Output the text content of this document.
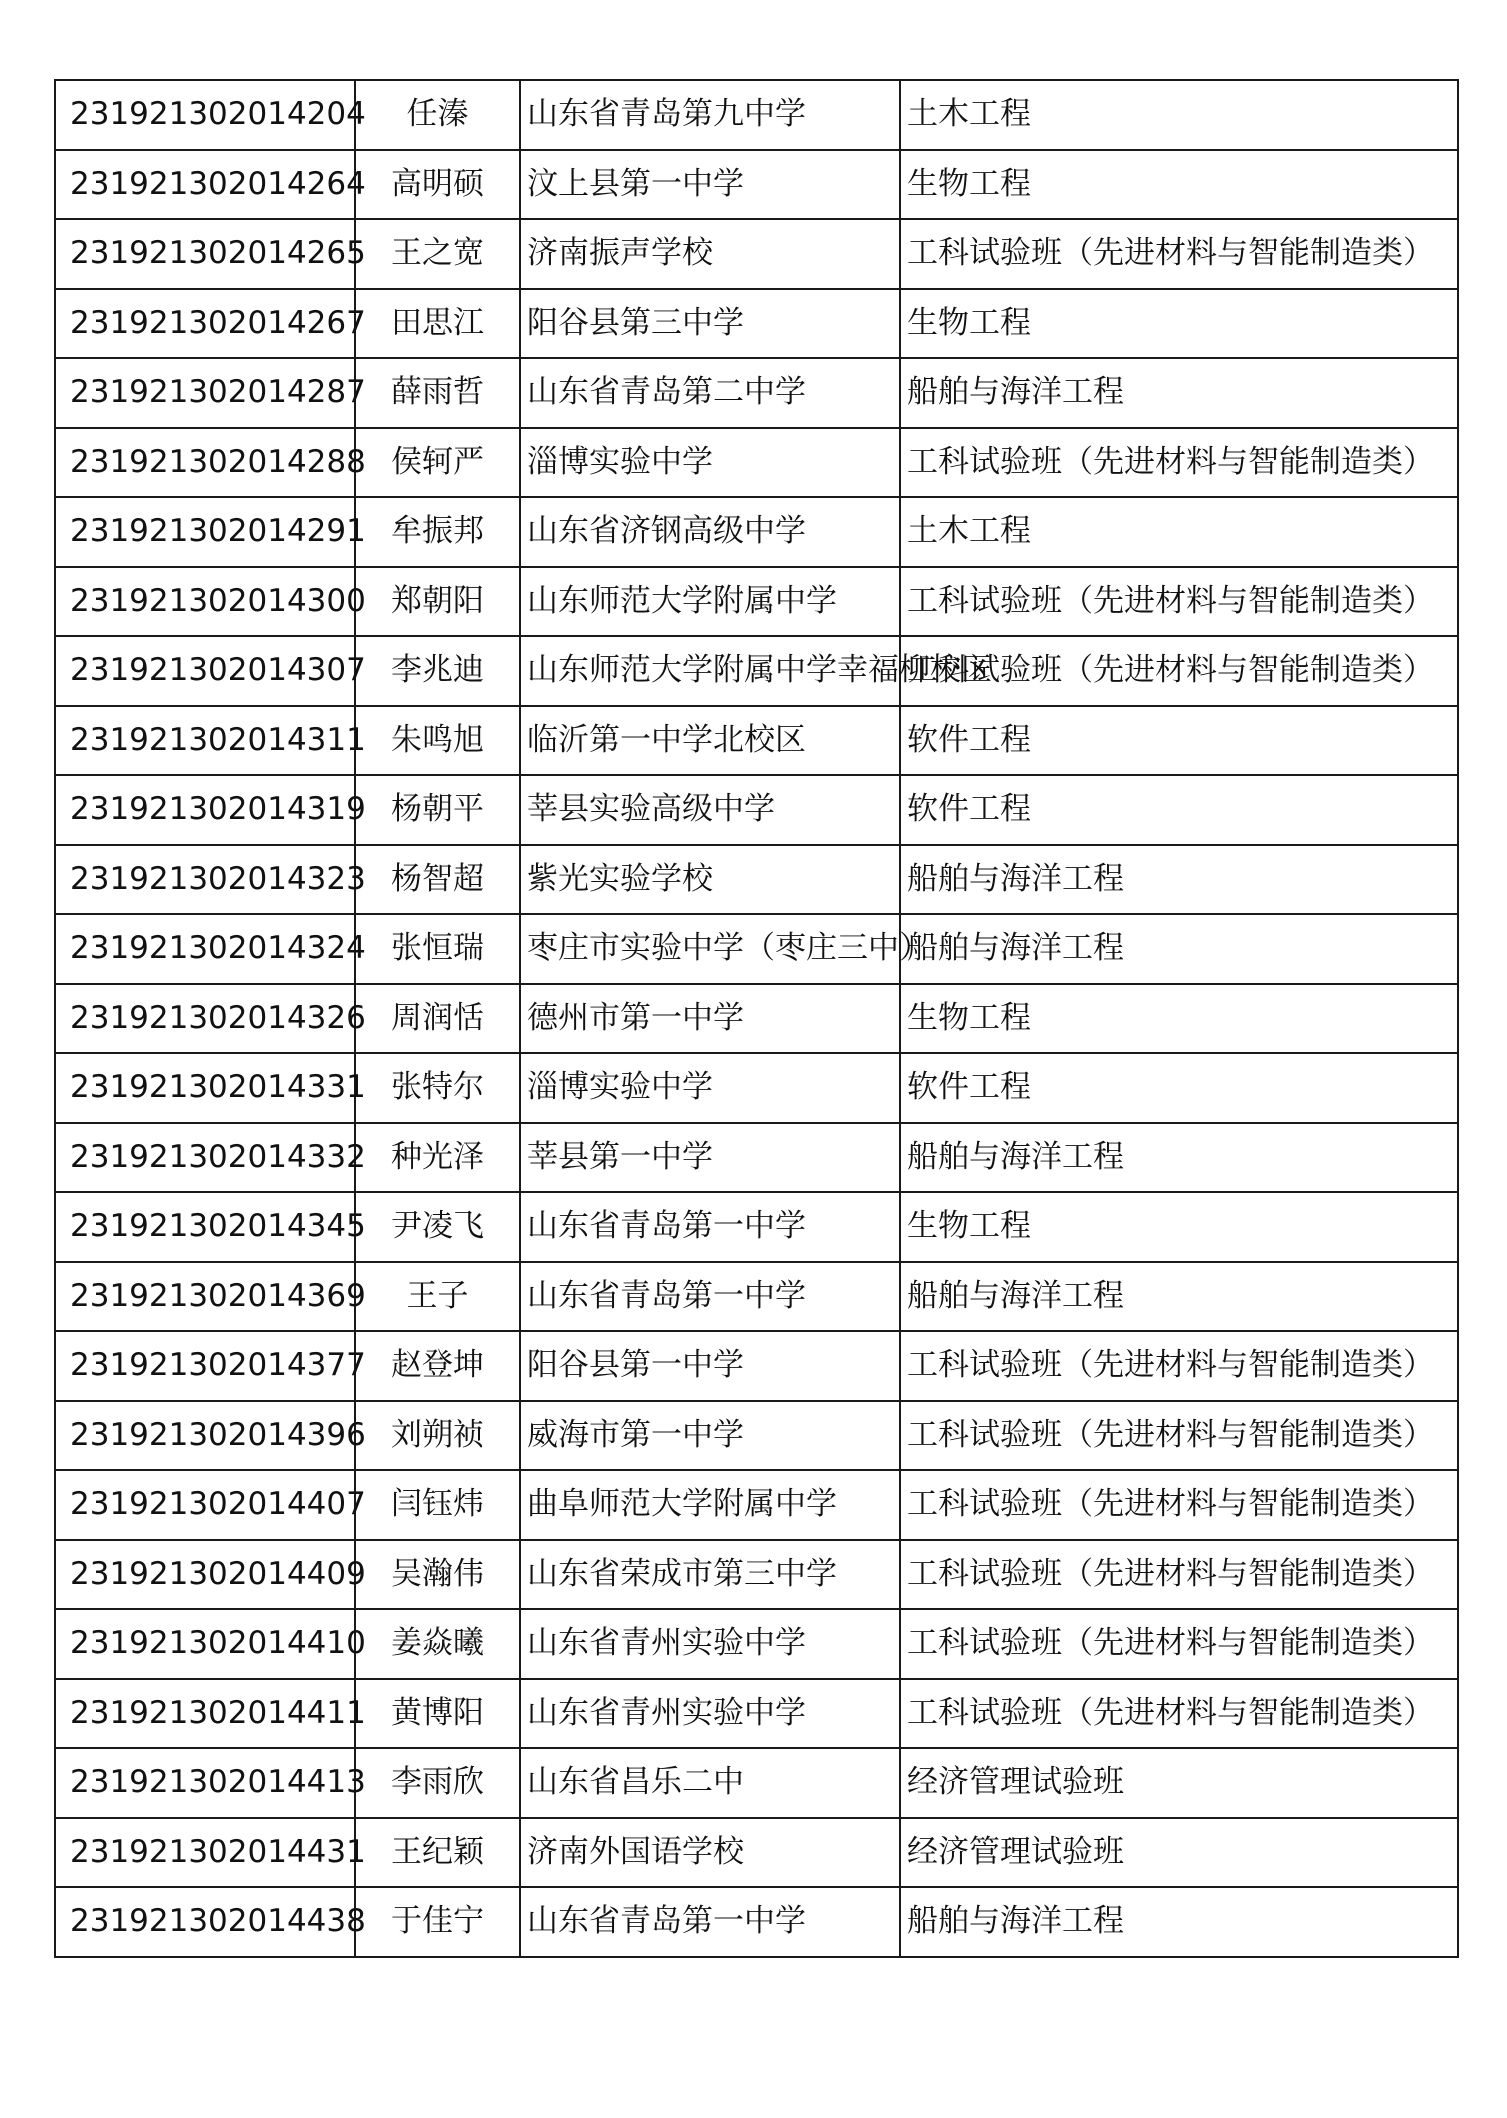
231921302014204	任溱	山东省青岛第九中学	土木工程
231921302014264	高明硕	汶上县第一中学	生物工程
231921302014265	王之宽	济南振声学校	工科试验班（先进材料与智能制造类）
231921302014267	田思江	阳谷县第三中学	生物工程
231921302014287	薛雨哲	山东省青岛第二中学	船舶与海洋工程
231921302014288	侯轲严	淄博实验中学	工科试验班（先进材料与智能制造类）
231921302014291	牟振邦	山东省济钢高级中学	土木工程
231921302014300	郑朝阳	山东师范大学附属中学	工科试验班（先进材料与智能制造类）
231921302014307	李兆迪	山东师范大学附属中学幸福柳校区	工科试验班（先进材料与智能制造类）
231921302014311	朱鸣旭	临沂第一中学北校区	软件工程
231921302014319	杨朝平	莘县实验高级中学	软件工程
231921302014323	杨智超	紫光实验学校	船舶与海洋工程
231921302014324	张恒瑞	枣庄市实验中学（枣庄三中）	船舶与海洋工程
231921302014326	周润恬	德州市第一中学	生物工程
231921302014331	张特尔	淄博实验中学	软件工程
231921302014332	种光泽	莘县第一中学	船舶与海洋工程
231921302014345	尹凌飞	山东省青岛第一中学	生物工程
231921302014369	王子	山东省青岛第一中学	船舶与海洋工程
231921302014377	赵登坤	阳谷县第一中学	工科试验班（先进材料与智能制造类）
231921302014396	刘朔祯	威海市第一中学	工科试验班（先进材料与智能制造类）
231921302014407	闫钰炜	曲阜师范大学附属中学	工科试验班（先进材料与智能制造类）
231921302014409	吴瀚伟	山东省荣成市第三中学	工科试验班（先进材料与智能制造类）
231921302014410	姜焱曦	山东省青州实验中学	工科试验班（先进材料与智能制造类）
231921302014411	黄博阳	山东省青州实验中学	工科试验班（先进材料与智能制造类）
231921302014413	李雨欣	山东省昌乐二中	经济管理试验班
231921302014431	王纪颖	济南外国语学校	经济管理试验班
231921302014438	于佳宁	山东省青岛第一中学	船舶与海洋工程
